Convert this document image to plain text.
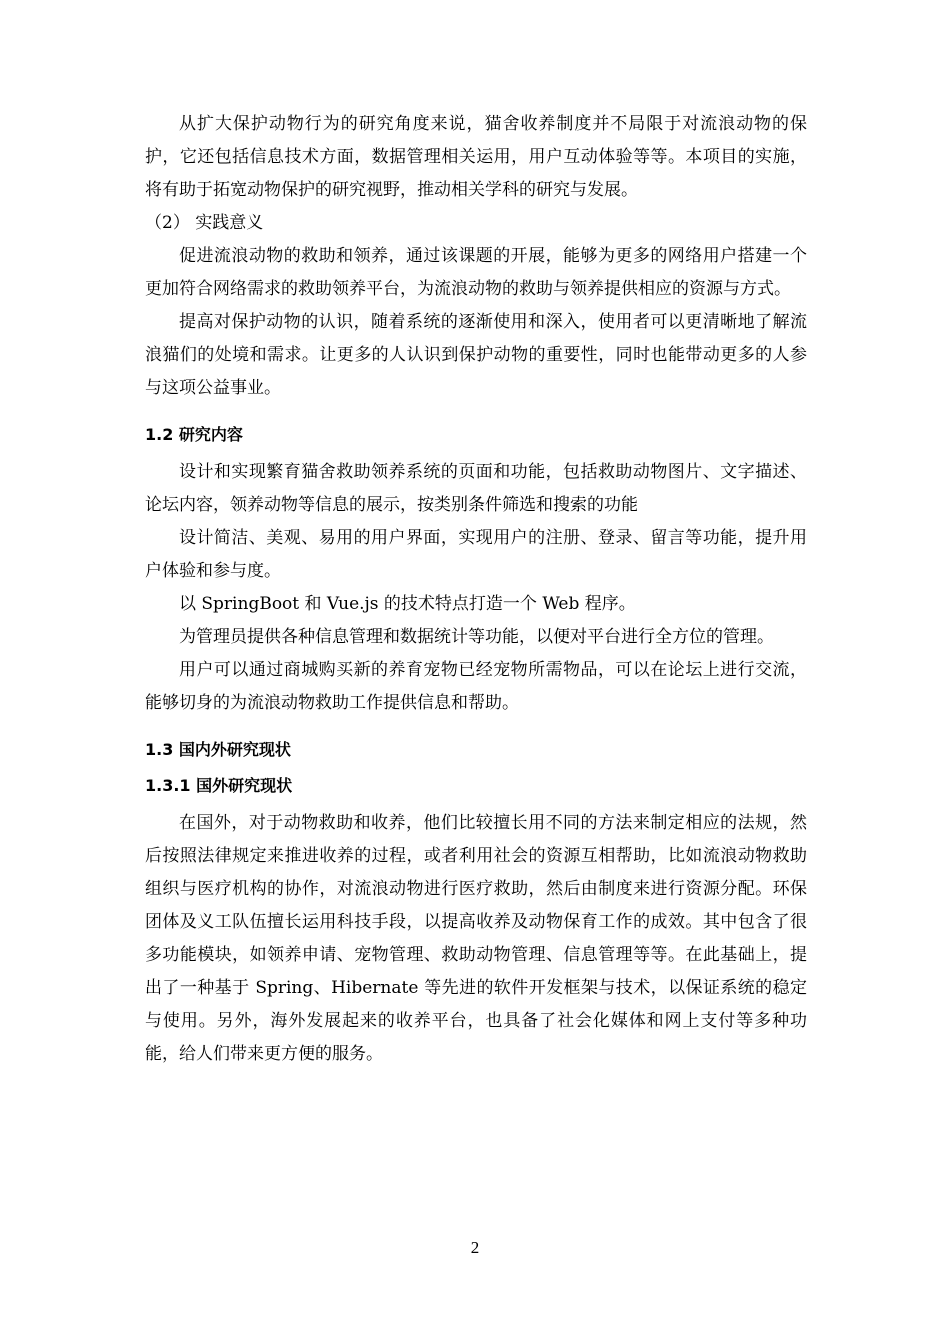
从扩大保护动物行为的研究角度来说，猫舍收养制度并不局限于对流浪动物的保护，它还包括信息技术方面，数据管理相关运用，用户互动体验等等。本项目的实施，将有助于拓宽动物保护的研究视野，推动相关学科的研究与发展。

（2） 实践意义

促进流浪动物的救助和领养，通过该课题的开展，能够为更多的网络用户搭建一个更加符合网络需求的救助领养平台，为流浪动物的救助与领养提供相应的资源与方式。

提高对保护动物的认识，随着系统的逐渐使用和深入，使用者可以更清晰地了解流浪猫们的处境和需求。让更多的人认识到保护动物的重要性，同时也能带动更多的人参与这项公益事业。

1.2 研究内容

设计和实现繁育猫舍救助领养系统的页面和功能，包括救助动物图片、文字描述、论坛内容，领养动物等信息的展示，按类别条件筛选和搜索的功能

设计简洁、美观、易用的用户界面，实现用户的注册、登录、留言等功能，提升用户体验和参与度。

以 SpringBoot 和 Vue.js 的技术特点打造一个 Web 程序。

为管理员提供各种信息管理和数据统计等功能，以便对平台进行全方位的管理。

用户可以通过商城购买新的养育宠物已经宠物所需物品，可以在论坛上进行交流，能够切身的为流浪动物救助工作提供信息和帮助。

1.3 国内外研究现状
1.3.1 国外研究现状

在国外，对于动物救助和收养，他们比较擅长用不同的方法来制定相应的法规，然后按照法律规定来推进收养的过程，或者利用社会的资源互相帮助，比如流浪动物救助组织与医疗机构的协作，对流浪动物进行医疗救助，然后由制度来进行资源分配。环保团体及义工队伍擅长运用科技手段，以提高收养及动物保育工作的成效。其中包含了很多功能模块，如领养申请、宠物管理、救助动物管理、信息管理等等。在此基础上，提出了一种基于 Spring、Hibernate 等先进的软件开发框架与技术，以保证系统的稳定与使用。另外，海外发展起来的收养平台，也具备了社会化媒体和网上支付等多种功能，给人们带来更方便的服务。

2
